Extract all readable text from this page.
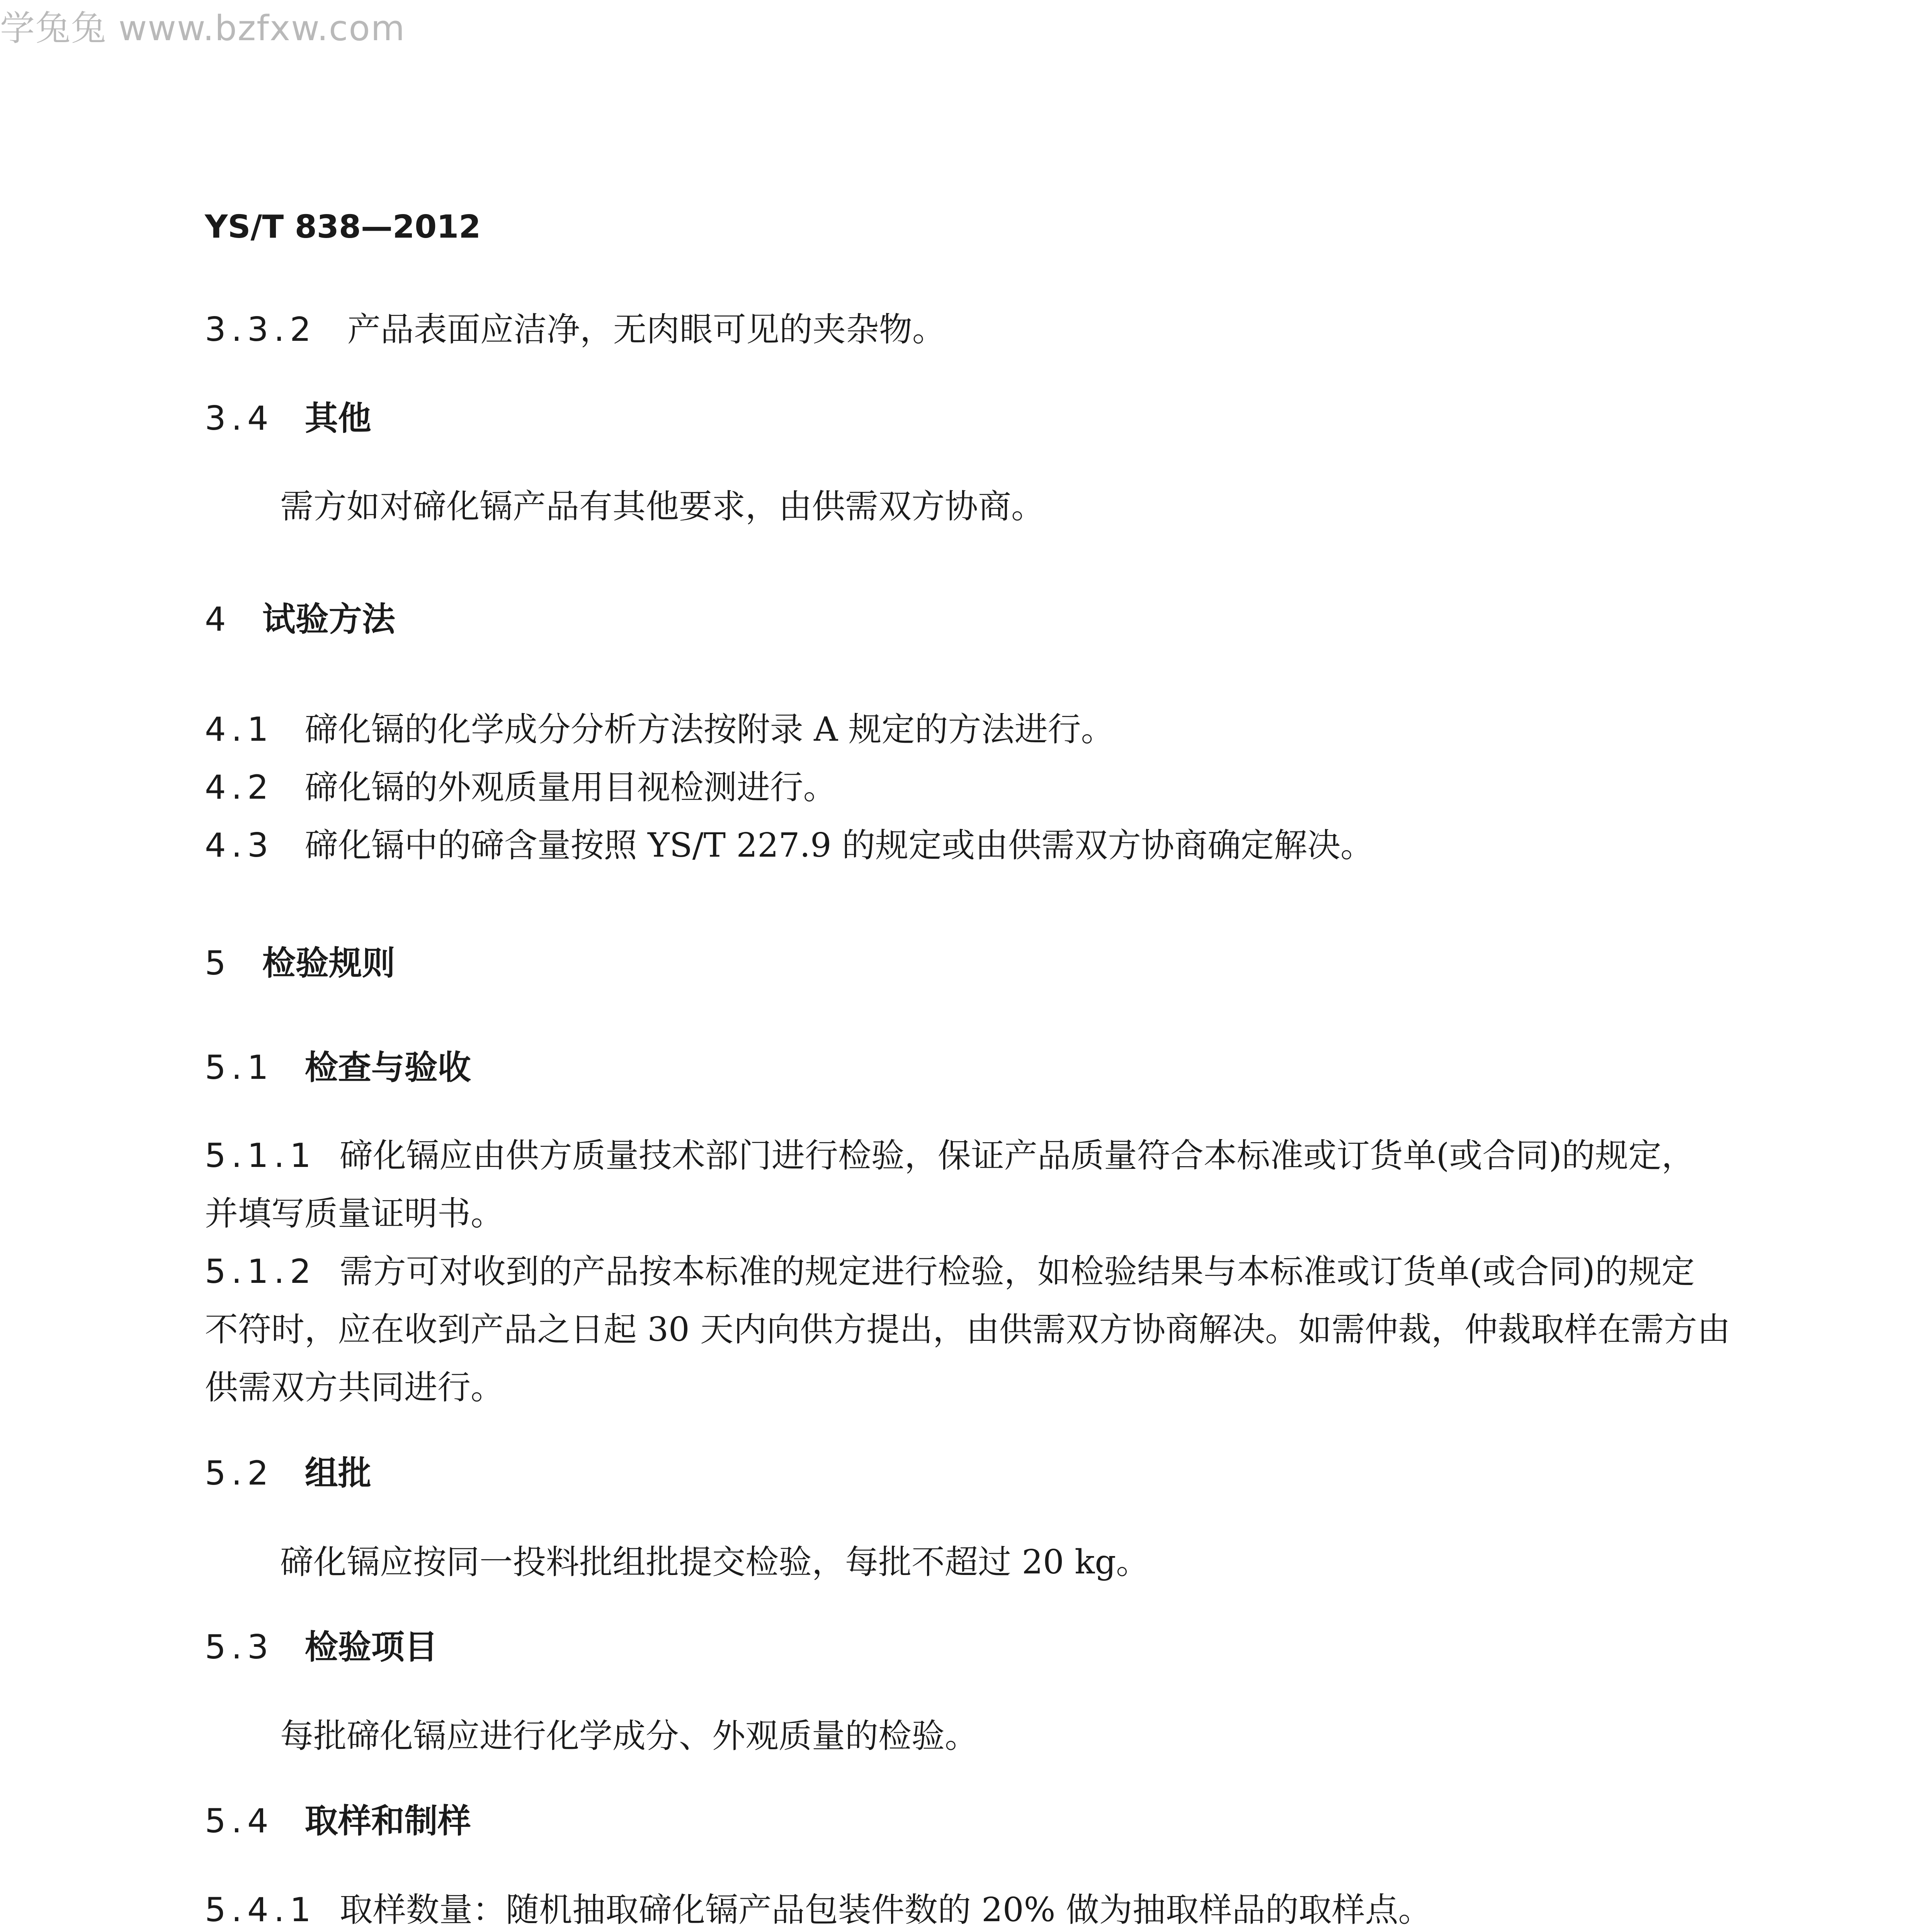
学兔兔 www.bzfxw.com
YS/T 838—2012
3.3.2 产品表面应洁净，无肉眼可见的夹杂物。
3.4 其他
需方如对碲化镉产品有其他要求，由供需双方协商。
4 试验方法
4.1 碲化镉的化学成分分析方法按附录 A 规定的方法进行。
4.2 碲化镉的外观质量用目视检测进行。
4.3 碲化镉中的碲含量按照 YS/T 227.9 的规定或由供需双方协商确定解决。
5 检验规则
5.1 检查与验收
5.1.1 碲化镉应由供方质量技术部门进行检验，保证产品质量符合本标准或订货单(或合同)的规定，
并填写质量证明书。
5.1.2 需方可对收到的产品按本标准的规定进行检验，如检验结果与本标准或订货单(或合同)的规定
不符时，应在收到产品之日起 30 天内向供方提出，由供需双方协商解决。如需仲裁，仲裁取样在需方由
供需双方共同进行。
5.2 组批
碲化镉应按同一投料批组批提交检验，每批不超过 20 kg。
5.3 检验项目
每批碲化镉应进行化学成分、外观质量的检验。
5.4 取样和制样
5.4.1 取样数量：随机抽取碲化镉产品包装件数的 20% 做为抽取样品的取样点。
